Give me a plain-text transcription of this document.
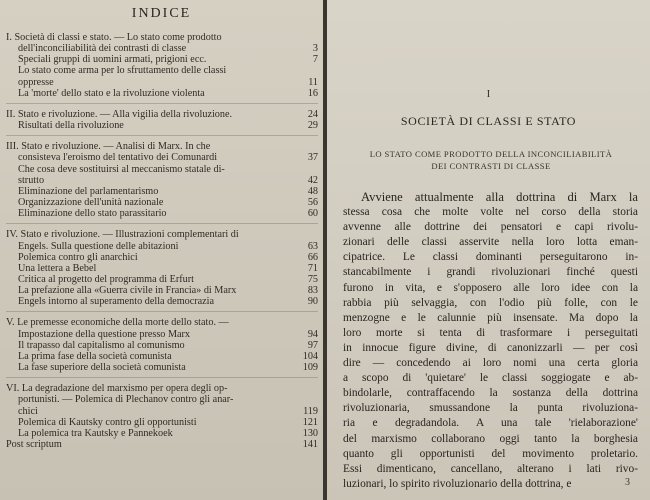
INDICE
I. Società di classi e stato. — Lo stato come prodotto
dell'inconciliabilità dei contrasti di classe	3
Speciali gruppi di uomini armati, prigioni ecc.	7
Lo stato come arma per lo sfruttamento delle classi
oppresse	11
La 'morte' dello stato e la rivoluzione violenta	16
II. Stato e rivoluzione. — Alla vigilia della rivoluzione.	24
Risultati della rivoluzione	29
III. Stato e rivoluzione. — Analisi di Marx. In che
consisteva l'eroismo del tentativo dei Comunardi	37
Che cosa deve sostituirsi al meccanismo statale di-
strutto	42
Eliminazione del parlamentarismo	48
Organizzazione dell'unità nazionale	56
Eliminazione dello stato parassitario	60
IV. Stato e rivoluzione. — Illustrazioni complementari di
Engels. Sulla questione delle abitazioni	63
Polemica contro gli anarchici	66
Una lettera a Bebel	71
Critica al progetto del programma di Erfurt	75
La prefazione alla «Guerra civile in Francia» di Marx	83
Engels intorno al superamento della democrazia	90
V. Le premesse economiche della morte dello stato. —
Impostazione della questione presso Marx	94
Il trapasso dal capitalismo al comunismo	97
La prima fase della società comunista	104
La fase superiore della società comunista	109
VI. La degradazione del marxismo per opera degli op-
portunisti. — Polemica di Plechanov contro gli anar-
chici	119
Polemica di Kautsky contro gli opportunisti	121
La polemica tra Kautsky e Pannekoek	130
Post scriptum	141
I
SOCIETÀ DI CLASSI E STATO
LO STATO COME PRODOTTO DELLA INCONCILIABILITÀ
DEI CONTRASTI DI CLASSE
Avviene attualmente alla dottrina di Marx la
stessa cosa che molte volte nel corso della storia
avvenne alle dottrine dei pensatori e capi rivolu-
zionari delle classi asservite nella loro lotta eman-
cipatrice. Le classi dominanti perseguitarono in-
stancabilmente i grandi rivoluzionari finché questi
furono in vita, e s'opposero alle loro idee con la
rabbia più selvaggia, con l'odio più folle, con le
menzogne e le calunnie più insensate. Ma dopo la
loro morte si tenta di trasformare i perseguitati
in innocue figure divine, di canonizzarli — per così
dire — concedendo ai loro nomi una certa gloria
a scopo di 'quietare' le classi soggiogate e ab-
bindolarle, contraffacendo la sostanza della dottrina
rivoluzionaria, smussandone la punta rivoluziona-
ria e degradandola. A una tale 'rielaborazione'
del marxismo collaborano oggi tanto la borghesia
quanto gli opportunisti del movimento proletario.
Essi dimenticano, cancellano, alterano i lati rivo-
luzionari, lo spirito rivoluzionario della dottrina, e	3
